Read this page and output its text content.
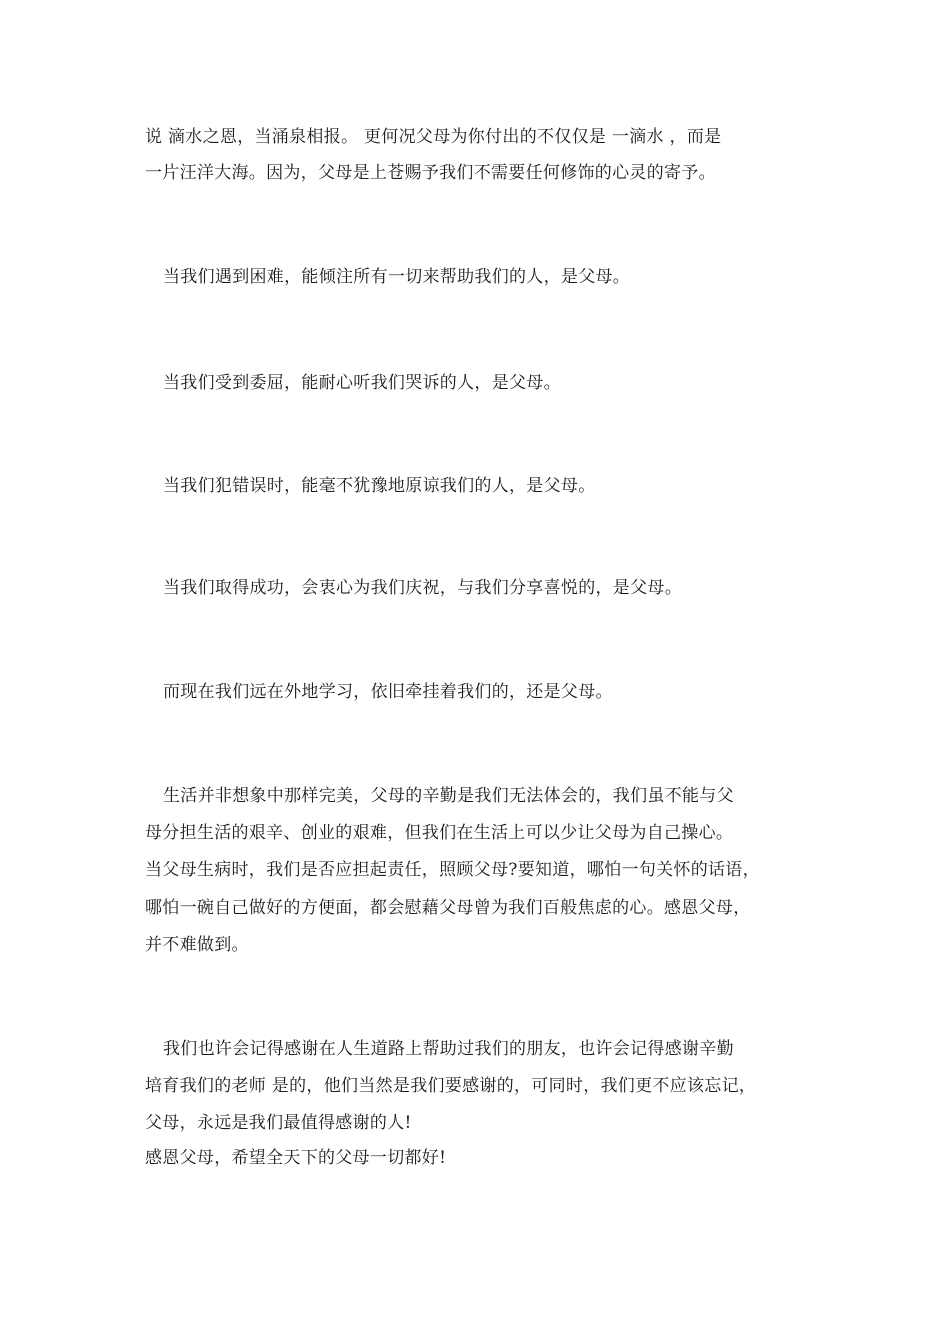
说 滴水之恩，当涌泉相报。 更何况父母为你付出的不仅仅是 一滴水 ，而是
一片汪洋大海。因为，父母是上苍赐予我们不需要任何修饰的心灵的寄予。
当我们遇到困难，能倾注所有一切来帮助我们的人，是父母。
当我们受到委屈，能耐心听我们哭诉的人，是父母。
当我们犯错误时，能毫不犹豫地原谅我们的人，是父母。
当我们取得成功，会衷心为我们庆祝，与我们分享喜悦的，是父母。
而现在我们远在外地学习，依旧牵挂着我们的，还是父母。
生活并非想象中那样完美，父母的辛勤是我们无法体会的，我们虽不能与父
母分担生活的艰辛、创业的艰难，但我们在生活上可以少让父母为自己操心。
当父母生病时，我们是否应担起责任，照顾父母?要知道，哪怕一句关怀的话语，
哪怕一碗自己做好的方便面，都会慰藉父母曾为我们百般焦虑的心。感恩父母，
并不难做到。
我们也许会记得感谢在人生道路上帮助过我们的朋友，也许会记得感谢辛勤
培育我们的老师 是的，他们当然是我们要感谢的，可同时，我们更不应该忘记，
父母，永远是我们最值得感谢的人!
感恩父母，希望全天下的父母一切都好!
